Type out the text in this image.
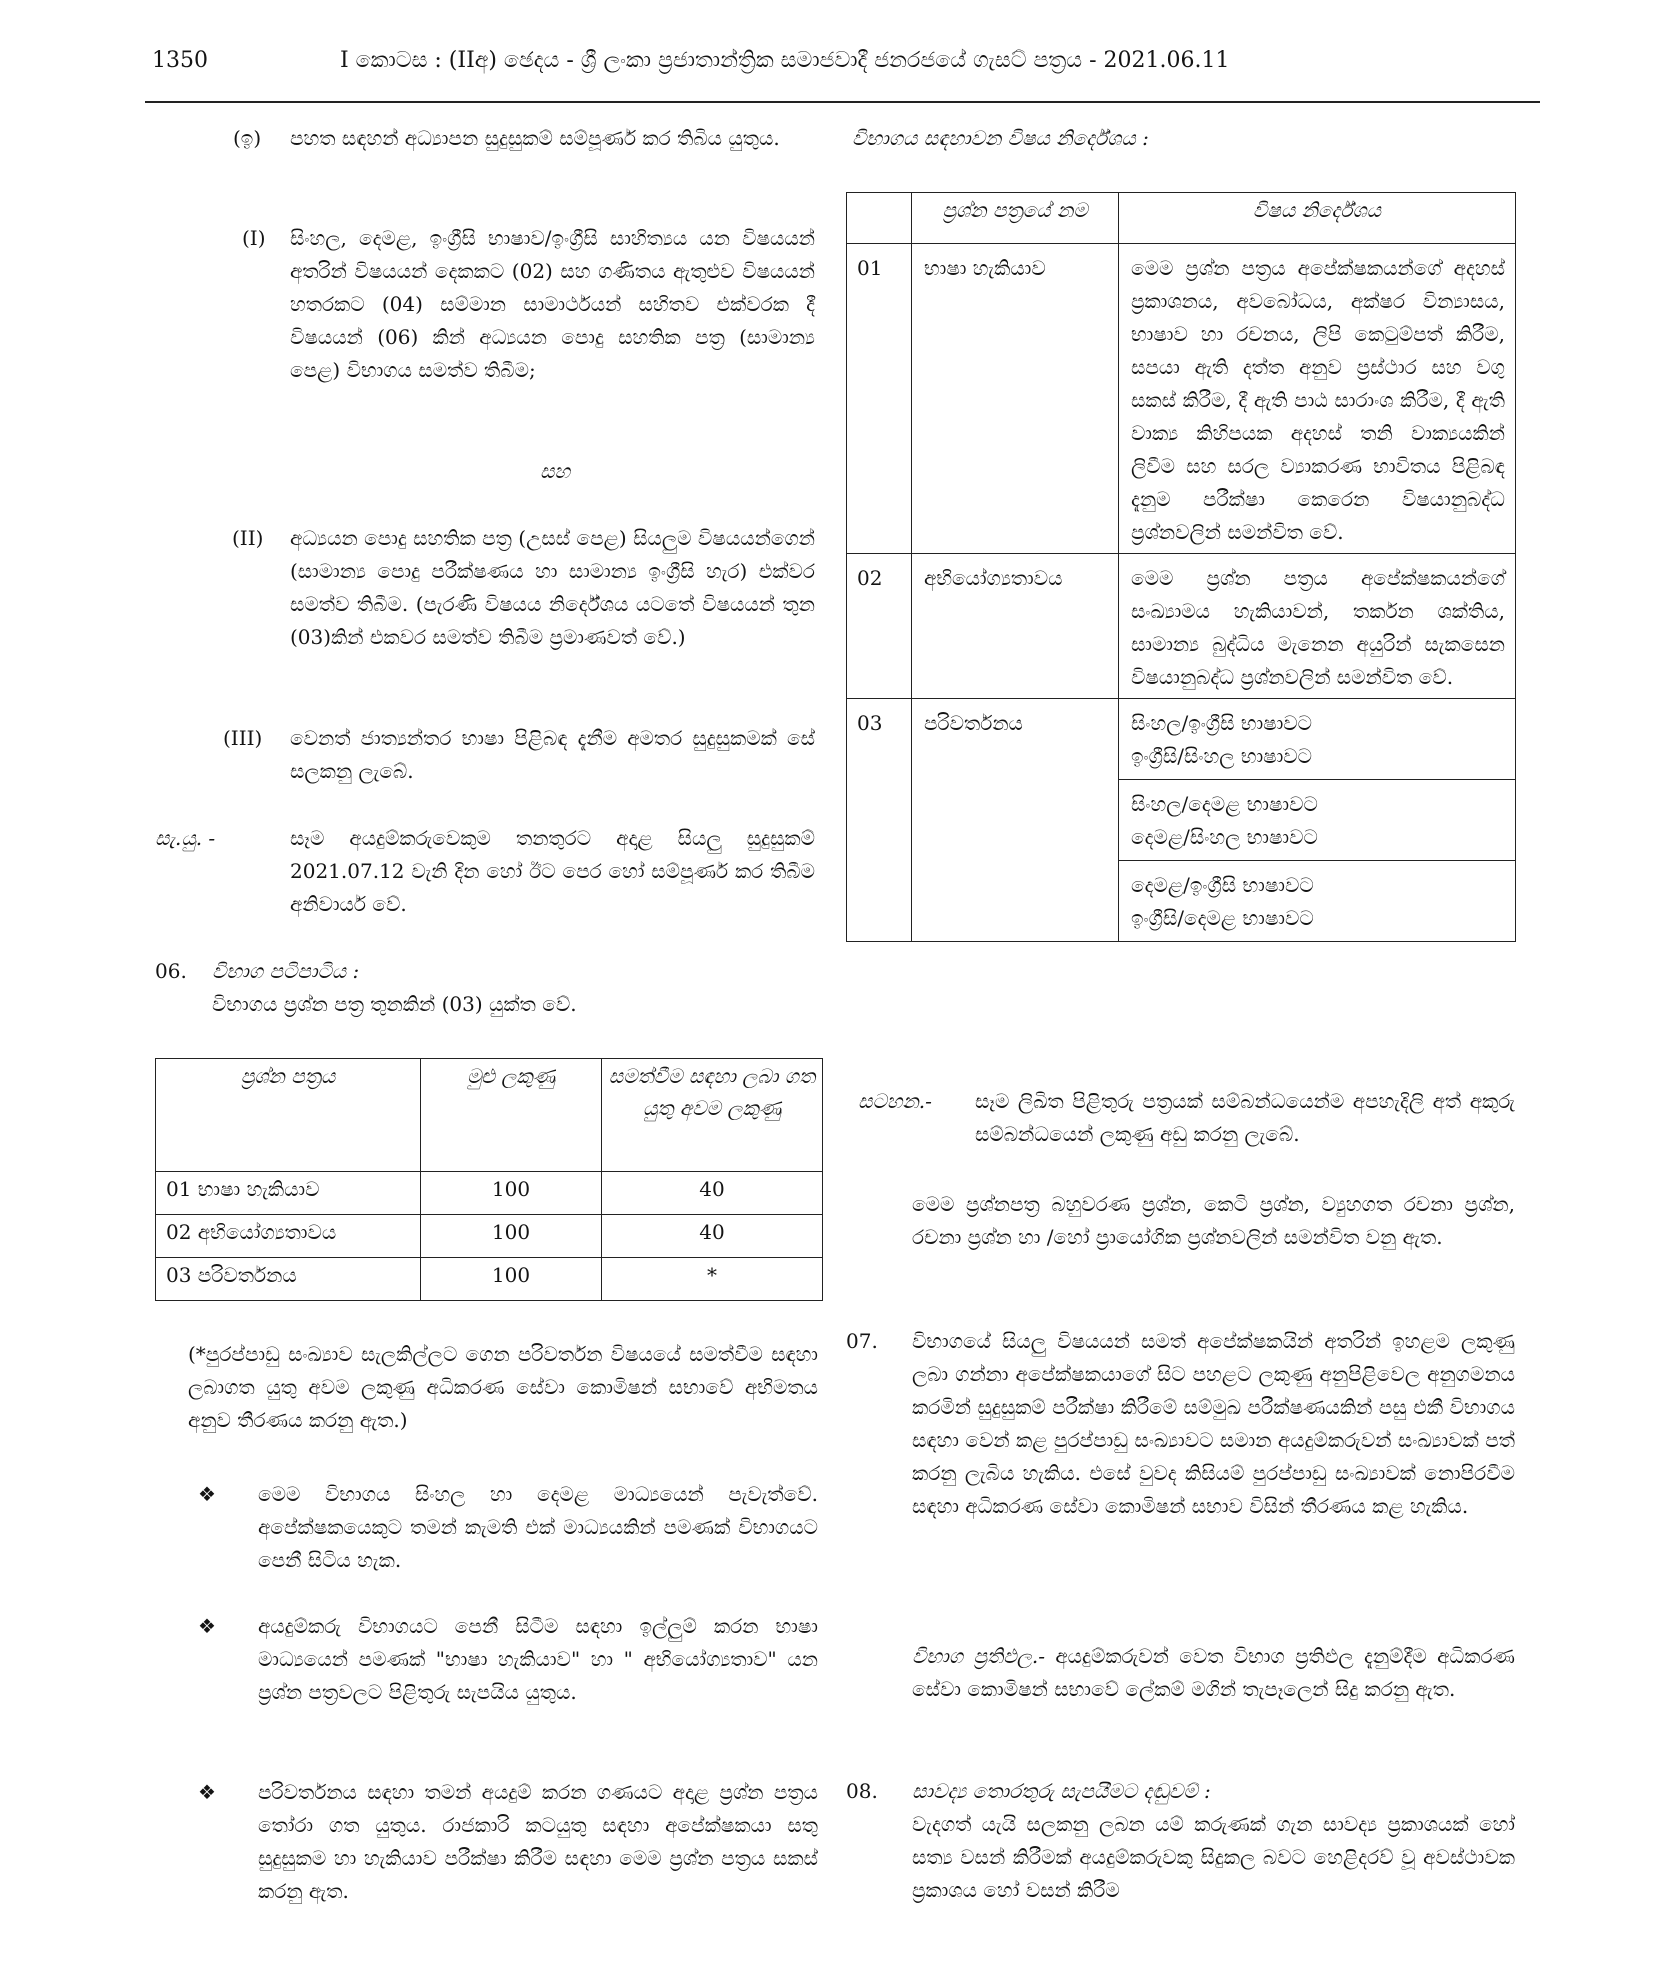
1350	I කොටස : (IIඅ) ඡෙදය - ශ්‍රී ලංකා ප්‍රජාතාන්ත්‍රික සමාජවාදී ජනරජයේ ගැසට් පත්‍රය - 2021.06.11
(ඉ) පහත සඳහන් අධ්‍යාපන සුදුසුකම් සම්පූර්ණ කර තිබිය යුතුය.
(I) සිංහල, දෙමළ, ඉංග්‍රීසි භාෂාව/ඉංග්‍රීසි සාහිත්‍යය යන විෂයයන් අතරින් විෂයයන් දෙකකට (02) සහ ගණිතය ඇතුළුව විෂයයන් හතරකට (04) සම්මාන සාමාර්ථයන් සහිතව එක්වරක දී විෂයයන් (06) කින් අධ්‍යයන පොදු සහතික පත්‍ර (සාමාන්‍ය පෙළ) විභාගය සමත්ව තිබීම;
සහ
(II) අධ්‍යයන පොදු සහතික පත්‍ර (උසස් පෙළ) සියලුම විෂයයන්ගෙන් (සාමාන්‍ය පොදු පරීක්ෂණය හා සාමාන්‍ය ඉංග්‍රීසි හැර) එක්වර සමත්ව තිබීම. (පැරණි විෂයය නිර්දේශය යටතේ විෂයයන් තුන (03)කින් එකවර සමත්ව තිබීම ප්‍රමාණවත් වේ.)
(III) වෙනත් ජාත්‍යන්තර භාෂා පිළිබඳ දැනීම අමතර සුදුසුකමක් සේ සලකනු ලැබේ.
සැ.යු. -	සෑම අයදුම්කරුවෙකුම තනතුරට අදාළ සියලු සුදුසුකම් 2021.07.12 වැනි දින හෝ ඊට පෙර හෝ සම්පූර්ණ කර තිබීම අනිවාර්ය වේ.
06. විභාග පටිපාටිය :
විභාගය ප්‍රශ්න පත්‍ර තුනකින් (03) යුක්ත වේ.
ප්‍රශ්න පත්‍රය	මුළු ලකුණු	සමත්වීම සඳහා ලබා ගත යුතු අවම ලකුණු
01 භාෂා හැකියාව	100	40
02 අභියෝග්‍යතාවය	100	40
03 පරිවර්තනය	100	*
(*පුරප්පාඩු සංඛ්‍යාව සැලකිල්ලට ගෙන පරිවර්තන විෂයයේ සමත්වීම සඳහා ලබාගත යුතු අවම ලකුණු අධිකරණ සේවා කොමිෂන් සභාවේ අභිමතය අනුව තීරණය කරනු ඇත.)
❖ මෙම විභාගය සිංහල හා දෙමළ මාධ්‍යයෙන් පැවැත්වේ. අපේක්ෂකයෙකුට තමන් කැමති එක් මාධ්‍යයකින් පමණක් විභාගයට පෙනී සිටිය හැක.
❖ අයදුම්කරු විභාගයට පෙනී සිටීම සඳහා ඉල්ලුම් කරන භාෂා මාධ්‍යයෙන් පමණක් "භාෂා හැකියාව" හා " අභියෝග්‍යතාව" යන ප්‍රශ්න පත්‍රවලට පිළිතුරු සැපයිය යුතුය.
❖ පරිවර්තනය සඳහා තමන් අයදුම් කරන ගණයට අදාළ ප්‍රශ්න පත්‍රය තෝරා ගත යුතුය. රාජකාරි කටයුතු සඳහා අපේක්ෂකයා සතු සුදුසුකම හා හැකියාව පරීක්ෂා කිරීම සඳහා මෙම ප්‍රශ්න පත්‍රය සකස් කරනු ඇත.
විභාගය සඳහාවන විෂය නිර්දේශය :
	ප්‍රශ්න පත්‍රයේ නම	විෂය නිර්දේශය
01	භාෂා හැකියාව	මෙම ප්‍රශ්න පත්‍රය අපේක්ෂකයන්ගේ අදහස් ප්‍රකාශනය, අවබෝධය, අක්ෂර වින්‍යාසය, භාෂාව හා රචනය, ලිපි කෙටුම්පත් කිරීම, සපයා ඇති දත්ත අනුව ප්‍රස්ථාර සහ වගු සකස් කිරීම, දී ඇති පාඨ සාරාංශ කිරීම, දී ඇති වාක්‍ය කිහිපයක අදහස් තනි වාක්‍යයකින් ලිවීම සහ සරල ව්‍යාකරණ භාවිතය පිළිබඳ දැනුම පරීක්ෂා කෙරෙන විෂයානුබද්ධ ප්‍රශ්නවලින් සමන්විත වේ.
02	අභියෝග්‍යතාවය	මෙම ප්‍රශ්න පත්‍රය අපේක්ෂකයන්ගේ සංඛ්‍යාමය හැකියාවන්, තර්කන ශක්තිය, සාමාන්‍ය බුද්ධිය මැනෙන අයුරින් සැකසෙන විෂයානුබද්ධ ප්‍රශ්නවලින් සමන්විත වේ.
03	පරිවර්තනය	සිංහල/ඉංග්‍රීසි භාෂාවට
ඉංග්‍රීසි/සිංහල භාෂාවට

		සිංහල/දෙමළ භාෂාවට
දෙමළ/සිංහල භාෂාවට

		දෙමළ/ඉංග්‍රීසි භාෂාවට
ඉංග්‍රීසි/දෙමළ භාෂාවට
සටහන.- සෑම ලිඛිත පිළිතුරු පත්‍රයක් සම්බන්ධයෙන්ම අපහැදිලි අත් අකුරු සම්බන්ධයෙන් ලකුණු අඩු කරනු ලැබේ.
මෙම ප්‍රශ්නපත්‍ර බහුවරණ ප්‍රශ්න, කෙටි ප්‍රශ්න, ව්‍යුහගත රචනා ප්‍රශ්න, රචනා ප්‍රශ්න හා /හෝ ප්‍රායෝගික ප්‍රශ්නවලින් සමන්විත වනු ඇත.
07. විභාගයේ සියලු විෂයයන් සමත් අපේක්ෂකයින් අතරින් ඉහළම ලකුණු ලබා ගන්නා අපේක්ෂකයාගේ සිට පහළට ලකුණු අනුපිළිවෙල අනුගමනය කරමින් සුදුසුකම් පරීක්ෂා කිරීමේ සම්මුඛ පරීක්ෂණයකින් පසු එකී විභාගය සඳහා වෙන් කළ පුරප්පාඩු සංඛ්‍යාවට සමාන අයදුම්කරුවන් සංඛ්‍යාවක් පත් කරනු ලැබිය හැකිය. එසේ වුවද කිසියම් පුරප්පාඩු සංඛ්‍යාවක් නොපිරවීම සඳහා අධිකරණ සේවා කොමිෂන් සභාව විසින් තීරණය කළ හැකිය.
විභාග ප්‍රතිඵල.- අයදුම්කරුවන් වෙත විභාග ප්‍රතිඵල දැනුම්දීම අධිකරණ සේවා කොමිෂන් සභාවේ ලේකම් මගින් තැපෑලෙන් සිදු කරනු ඇත.
08. සාවද්‍ය තොරතුරු සැපයීමට දඬුවම් :
වැදගත් යැයි සලකනු ලබන යම් කරුණක් ගැන සාවද්‍ය ප්‍රකාශයක් හෝ සත්‍ය වසන් කිරීමක් අයදුම්කරුවකු සිදුකල බවට හෙළිදරව් වූ අවස්ථාවක ප්‍රකාශය හෝ වසන් කිරීම
